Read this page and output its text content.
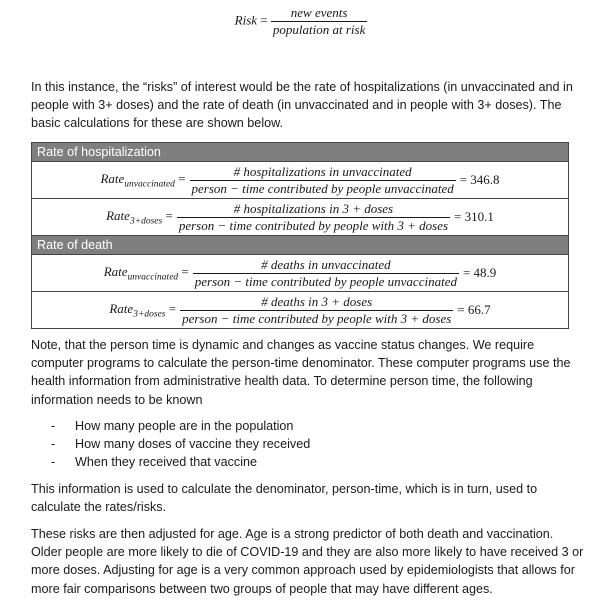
Risk = $\frac{\text{new events}}{\text{population at risk}}$

In this instance, the “risks” of interest would be the rate of hospitalizations (in unvaccinated and in people with 3+ doses) and the rate of death (in unvaccinated and in people with 3+ doses). The basic calculations for these are shown below.

Rate of hospitalization
Rate$_{unvaccinated}$ = $\frac{\text{\# hospitalizations in unvaccinated}}{\text{person − time contributed by people unvaccinated}} = 346.8$
Rate$_{3+doses}$ = $\frac{\text{\# hospitalizations in 3 + doses}}{\text{person − time contributed by people with 3 + doses}} = 310.1$
Rate of death
Rate$_{unvaccinated}$ = $\frac{\text{\# deaths in unvaccinated}}{\text{person − time contributed by people unvaccinated}} = 48.9$
Rate$_{3+doses}$ = $\frac{\text{\# deaths in 3 + doses}}{\text{person − time contributed by people with 3 + doses}} = 66.7$

Note, that the person time is dynamic and changes as vaccine status changes. We require computer programs to calculate the person-time denominator. These computer programs use the health information from administrative health data. To determine person time, the following information needs to be known

- How many people are in the population
- How many doses of vaccine they received
- When they received that vaccine

This information is used to calculate the denominator, person-time, which is in turn, used to calculate the rates/risks.

These risks are then adjusted for age. Age is a strong predictor of both death and vaccination. Older people are more likely to die of COVID-19 and they are also more likely to have received 3 or more doses. Adjusting for age is a very common approach used by epidemiologists that allows for more fair comparisons between two groups of people that may have different ages.
